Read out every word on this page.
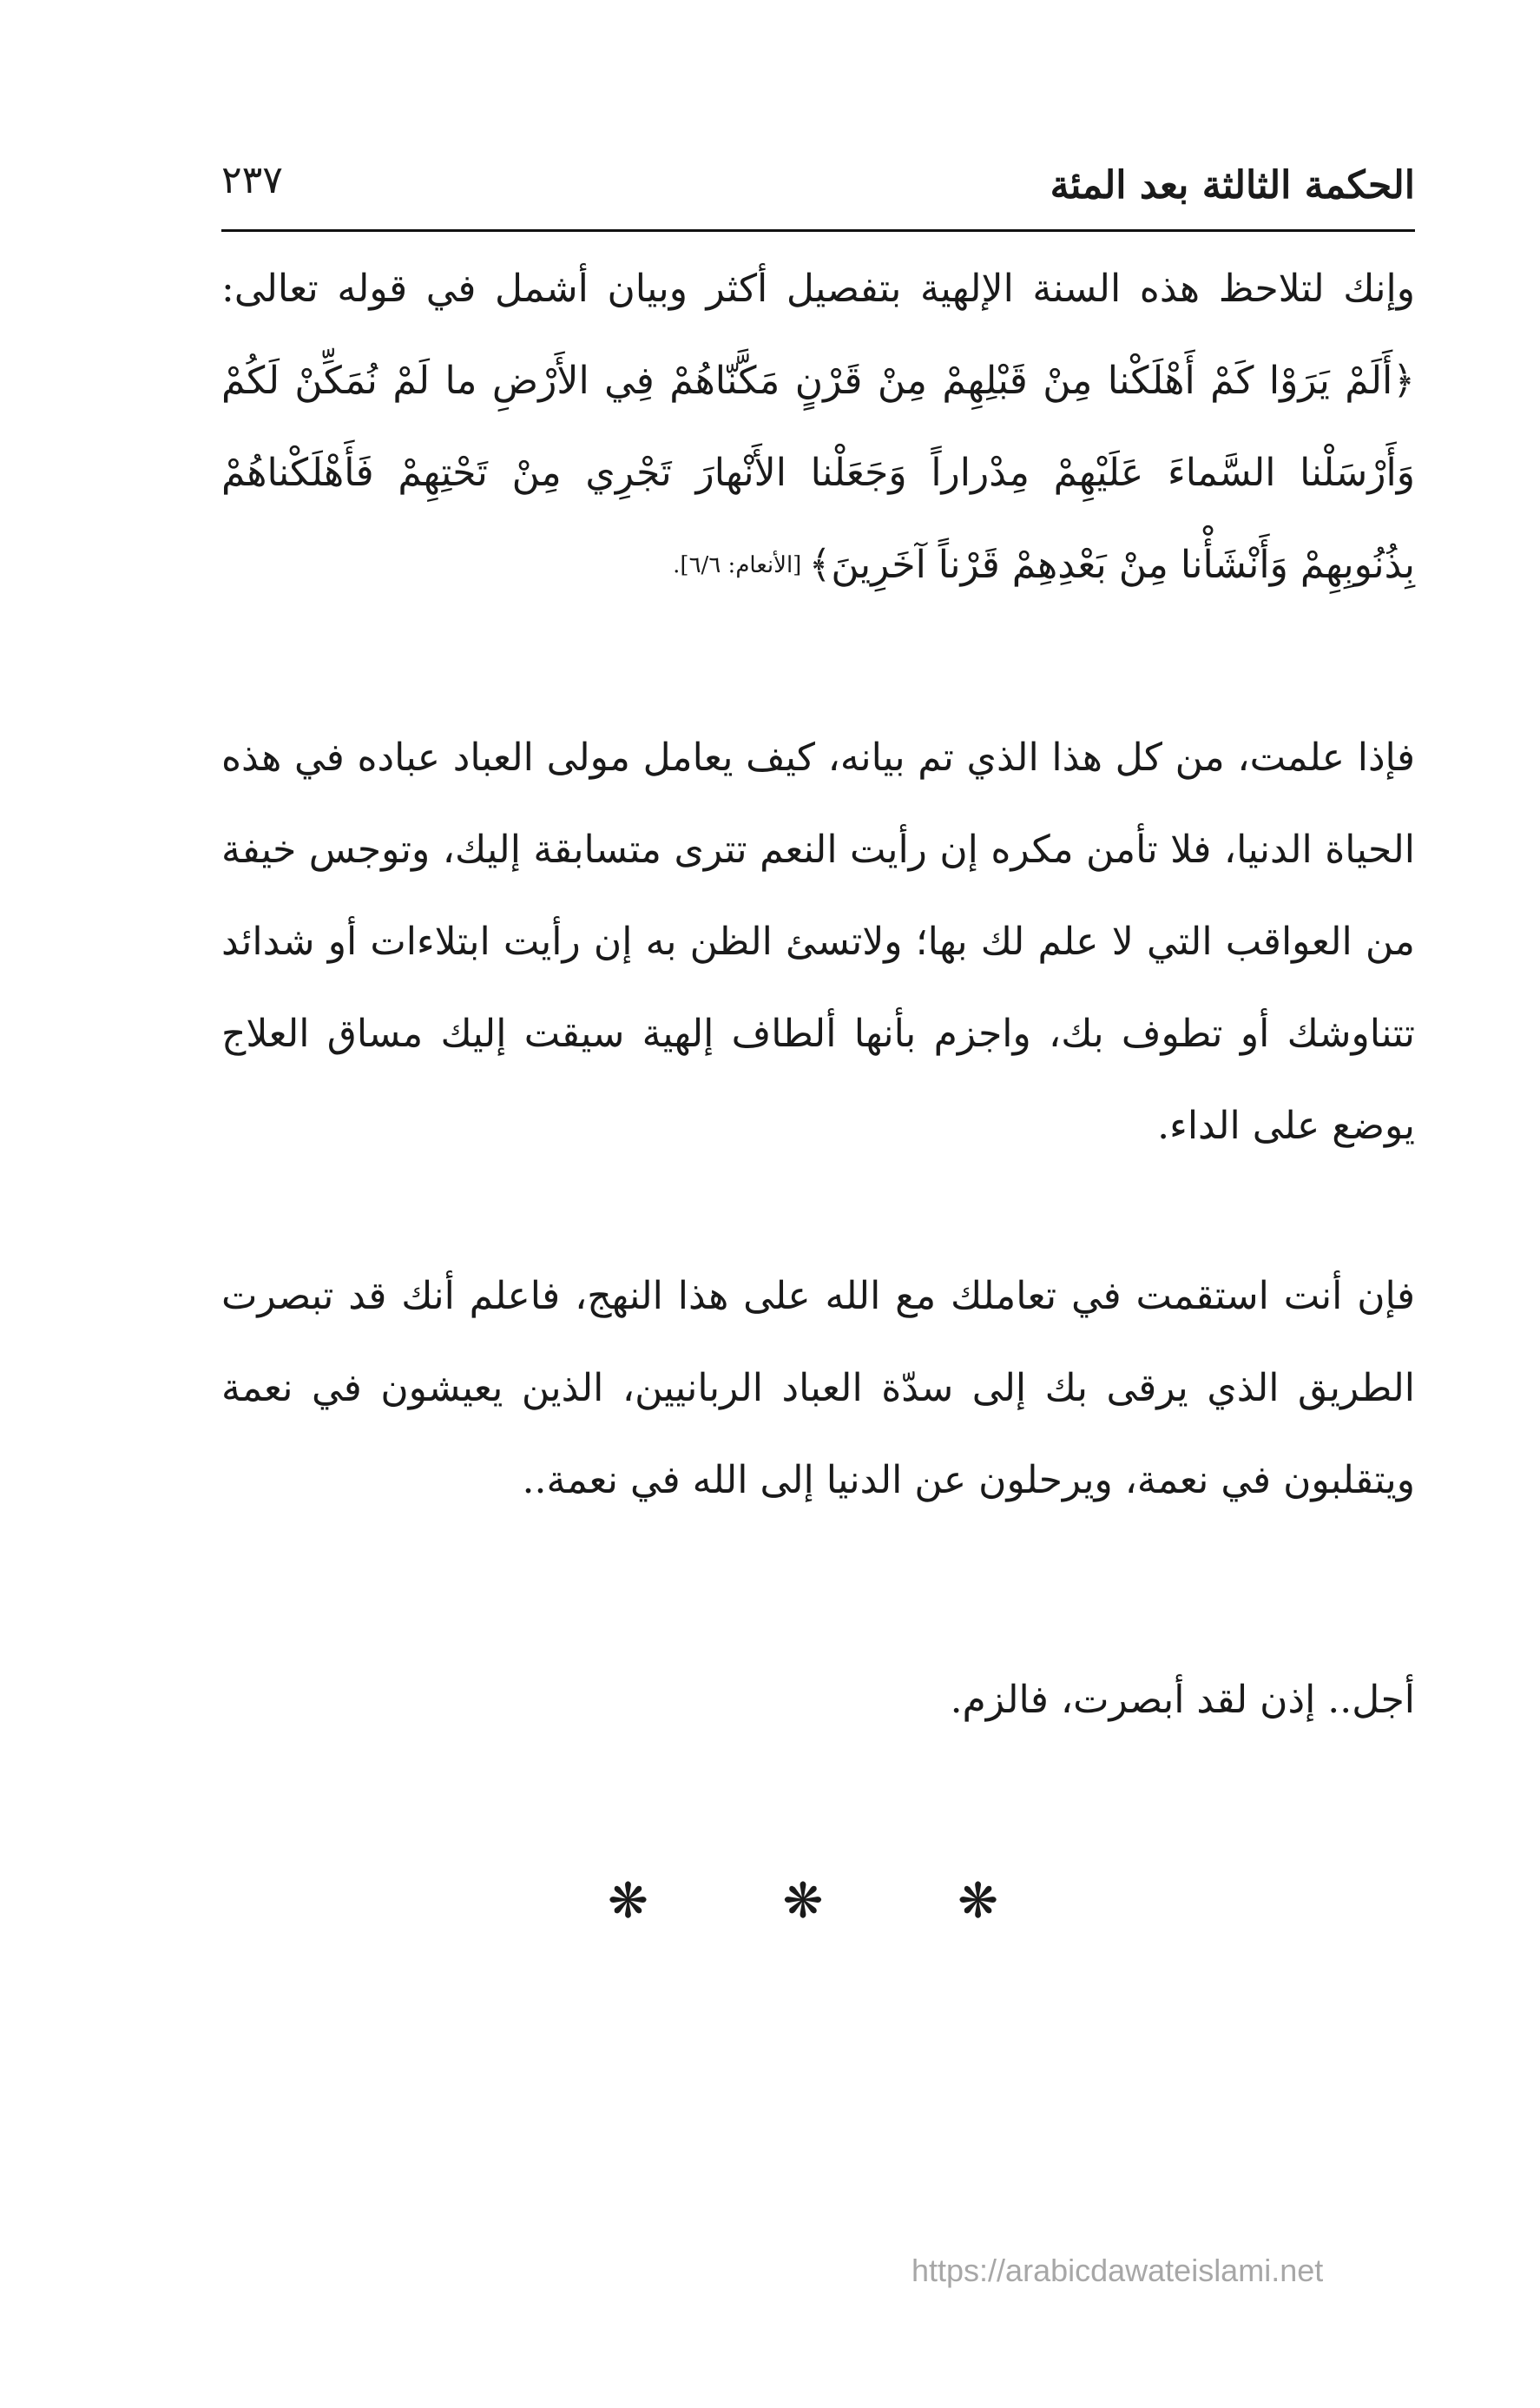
الحكمة الثالثة بعد المئة
٢٣٧

وإنك لتلاحظ هذه السنة الإلهية بتفصيل أكثر وبيان أشمل في قوله تعالى: ﴿أَلَمْ يَرَوْا كَمْ أَهْلَكْنا مِنْ قَبْلِهِمْ مِنْ قَرْنٍ مَكَّنّاهُمْ فِي الأَرْضِ ما لَمْ نُمَكِّنْ لَكُمْ وَأَرْسَلْنا السَّماءَ عَلَيْهِمْ مِدْراراً وَجَعَلْنا الأَنْهارَ تَجْرِي مِنْ تَحْتِهِمْ فَأَهْلَكْناهُمْ بِذُنُوبِهِمْ وَأَنْشَأْنا مِنْ بَعْدِهِمْ قَرْناً آخَرِينَ﴾ $^{[الأنعام: ٦/٦].}$

فإذا علمت، من كل هذا الذي تم بيانه، كيف يعامل مولى العباد عباده في هذه الحياة الدنيا، فلا تأمن مكره إن رأيت النعم تترى متسابقة إليك، وتوجس خيفة من العواقب التي لا علم لك بها؛ ولاتسئ الظن به إن رأيت ابتلاءات أو شدائد تتناوشك أو تطوف بك، واجزم بأنها ألطاف إلهية سيقت إليك مساق العلاج يوضع على الداء.

فإن أنت استقمت في تعاملك مع الله على هذا النهج، فاعلم أنك قد تبصرت الطريق الذي يرقى بك إلى سدّة العباد الربانيين، الذين يعيشون في نعمة ويتقلبون في نعمة، ويرحلون عن الدنيا إلى الله في نعمة..

أجل.. إذن لقد أبصرت، فالزم.

❋	❋	❋
https://arabicdawateislami.net
